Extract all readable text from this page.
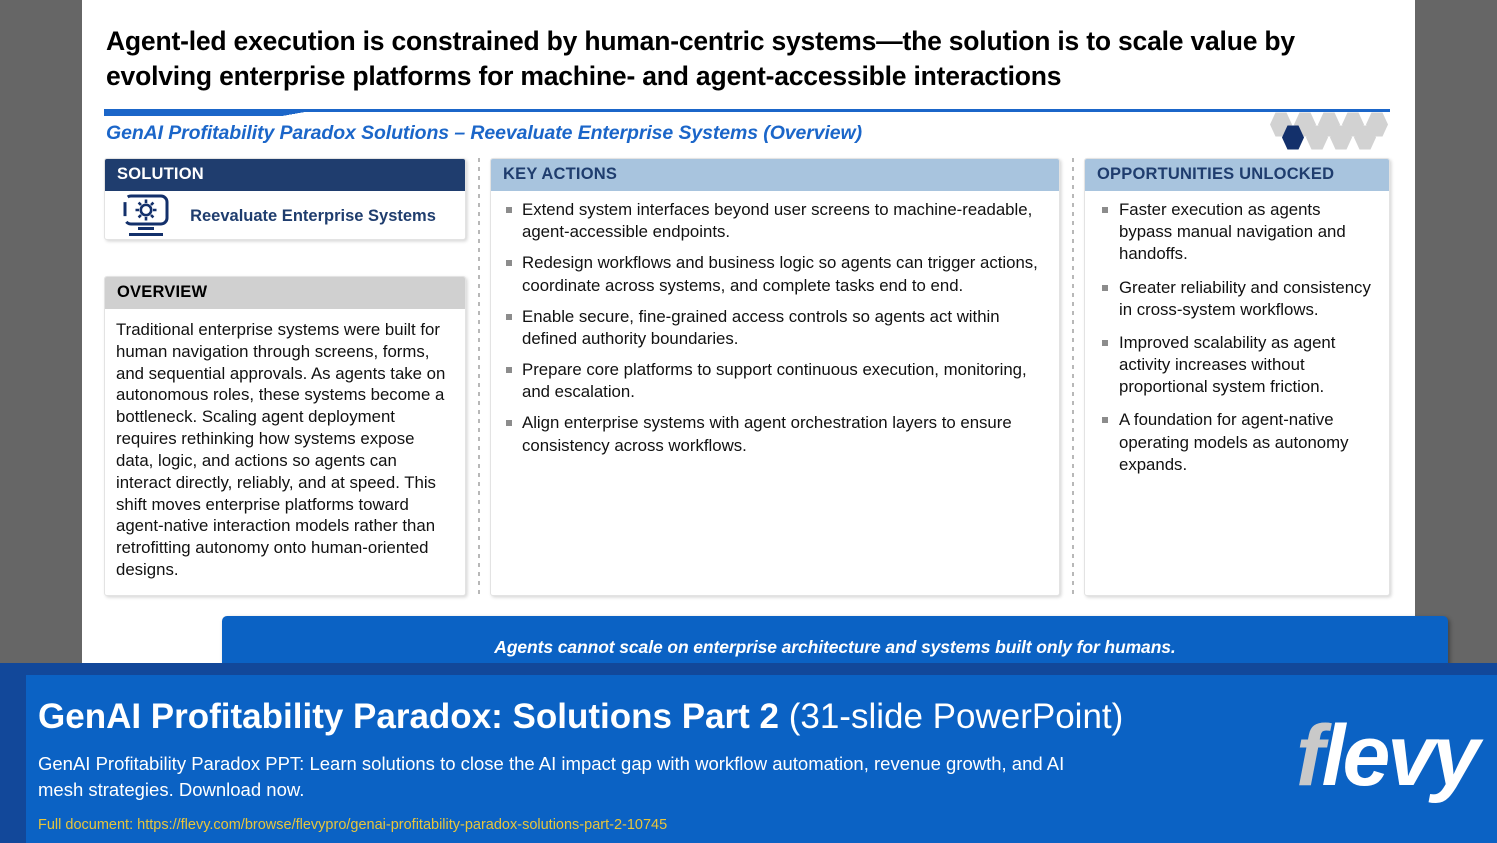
Agent-led execution is constrained by human-centric systems—the solution is to scale value by evolving enterprise platforms for machine- and agent-accessible interactions
GenAI Profitability Paradox Solutions – Reevaluate Enterprise Systems (Overview)
SOLUTION
Reevaluate Enterprise Systems
OVERVIEW
Traditional enterprise systems were built for human navigation through screens, forms, and sequential approvals. As agents take on autonomous roles, these systems become a bottleneck. Scaling agent deployment requires rethinking how systems expose data, logic, and actions so agents can interact directly, reliably, and at speed. This shift moves enterprise platforms toward agent-native interaction models rather than retrofitting autonomy onto human-oriented designs.
KEY ACTIONS
Extend system interfaces beyond user screens to machine-readable, agent-accessible endpoints.
Redesign workflows and business logic so agents can trigger actions, coordinate across systems, and complete tasks end to end.
Enable secure, fine-grained access controls so agents act within defined authority boundaries.
Prepare core platforms to support continuous execution, monitoring, and escalation.
Align enterprise systems with agent orchestration layers to ensure consistency across workflows.
OPPORTUNITIES UNLOCKED
Faster execution as agents bypass manual navigation and handoffs.
Greater reliability and consistency in cross-system workflows.
Improved scalability as agent activity increases without proportional system friction.
A foundation for agent-native operating models as autonomy expands.
Agents cannot scale on enterprise architecture and systems built only for humans.
GenAI Profitability Paradox: Solutions Part 2 (31-slide PowerPoint)
GenAI Profitability Paradox PPT: Learn solutions to close the AI impact gap with workflow automation, revenue growth, and AI mesh strategies. Download now.
Full document: https://flevy.com/browse/flevypro/genai-profitability-paradox-solutions-part-2-10745
flevy
